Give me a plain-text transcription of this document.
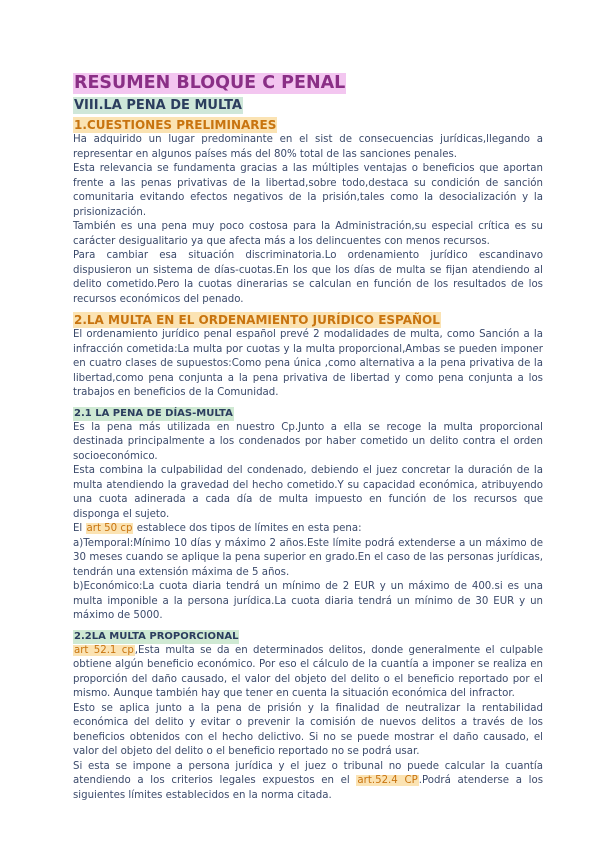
RESUMEN BLOQUE C PENAL
VIII.LA PENA DE MULTA
1.CUESTIONES PRELIMINARES

Ha adquirido un lugar predominante en el sist de consecuencias jurídicas,llegando a representar en algunos países más del 80% total de las sanciones penales.

Esta relevancia se fundamenta gracias a las múltiples ventajas o beneficios que aportan frente a las penas privativas de la libertad,sobre todo,destaca su condición de sanción comunitaria evitando efectos negativos de la prisión,tales como la desocialización y la prisionización.

También es una pena muy poco costosa para la Administración,su especial crítica es su carácter desigualitario ya que afecta más a los delincuentes con menos recursos.

Para cambiar esa situación discriminatoria.Lo ordenamiento jurídico escandinavo dispusieron un sistema de días-cuotas.En los que los días de multa se fijan atendiendo al delito cometido.Pero la cuotas dinerarias se calculan en función de los resultados de los recursos económicos del penado.

2.LA MULTA EN EL ORDENAMIENTO JURÍDICO ESPAÑOL

El ordenamiento jurídico penal español prevé 2 modalidades de multa, como Sanción a la infracción cometida:La multa por cuotas y la multa proporcional,Ambas se pueden imponer en cuatro clases de supuestos:Como pena única ,como alternativa a la pena privativa de la libertad,como pena conjunta a la pena privativa de libertad y como pena conjunta a los trabajos en beneficios de la Comunidad.

2.1 LA PENA DE DÍAS-MULTA

Es la pena más utilizada en nuestro Cp.Junto a ella se recoge la multa proporcional destinada principalmente a los condenados por haber cometido un delito contra el orden socioeconómico.

Esta combina la culpabilidad del condenado, debiendo el juez concretar la duración de la multa atendiendo la gravedad del hecho cometido.Y su capacidad económica, atribuyendo una cuota adinerada a cada día de multa impuesto en función de los recursos que disponga el sujeto.

El art 50 cp establece dos tipos de límites en esta pena:

a)Temporal:Mínimo 10 días y máximo 2 años.Este límite podrá extenderse a un máximo de 30 meses cuando se aplique la pena superior en grado.En el caso de las personas jurídicas, tendrán una extensión máxima de 5 años.

b)Económico:La cuota diaria tendrá un mínimo de 2 EUR y un máximo de 400.si es una multa imponible a la persona jurídica.La cuota diaria tendrá un mínimo de 30 EUR y un máximo de 5000.

2.2LA MULTA PROPORCIONAL

art 52.1 cp,Esta multa se da en determinados delitos, donde generalmente el culpable obtiene algún beneficio económico. Por eso el cálculo de la cuantía a imponer se realiza en proporción del daño causado, el valor del objeto del delito o el beneficio reportado por el mismo. Aunque también hay que tener en cuenta la situación económica del infractor.

Esto se aplica junto a la pena de prisión y la finalidad de neutralizar la rentabilidad económica del delito y evitar o prevenir la comisión de nuevos delitos a través de los beneficios obtenidos con el hecho delictivo. Si no se puede mostrar el daño causado, el valor del objeto del delito o el beneficio reportado no se podrá usar.

Si esta se impone a persona jurídica y el juez o tribunal no puede calcular la cuantía atendiendo a los criterios legales expuestos en el art.52.4 CP.Podrá atenderse a los siguientes límites establecidos en la norma citada.
